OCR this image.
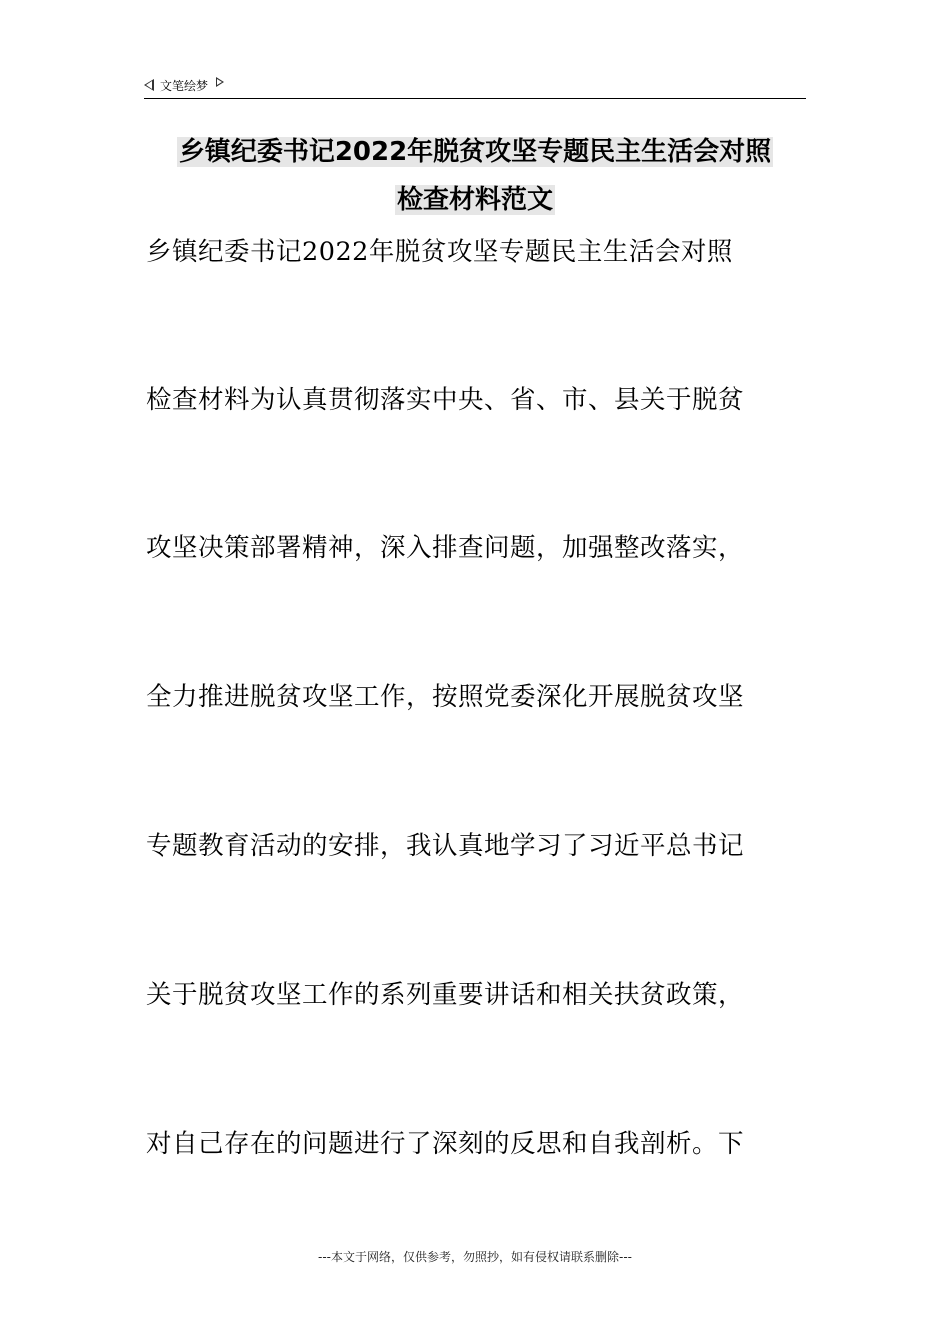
文笔绘梦
乡镇纪委书记2022年脱贫攻坚专题民主生活会对照
检查材料范文
乡镇纪委书记2022年脱贫攻坚专题民主生活会对照
检查材料为认真贯彻落实中央、省、市、县关于脱贫
攻坚决策部署精神，深入排查问题，加强整改落实，
全力推进脱贫攻坚工作，按照党委深化开展脱贫攻坚
专题教育活动的安排，我认真地学习了习近平总书记
关于脱贫攻坚工作的系列重要讲话和相关扶贫政策，
对自己存在的问题进行了深刻的反思和自我剖析。下
---本文于网络，仅供参考，勿照抄，如有侵权请联系删除---
